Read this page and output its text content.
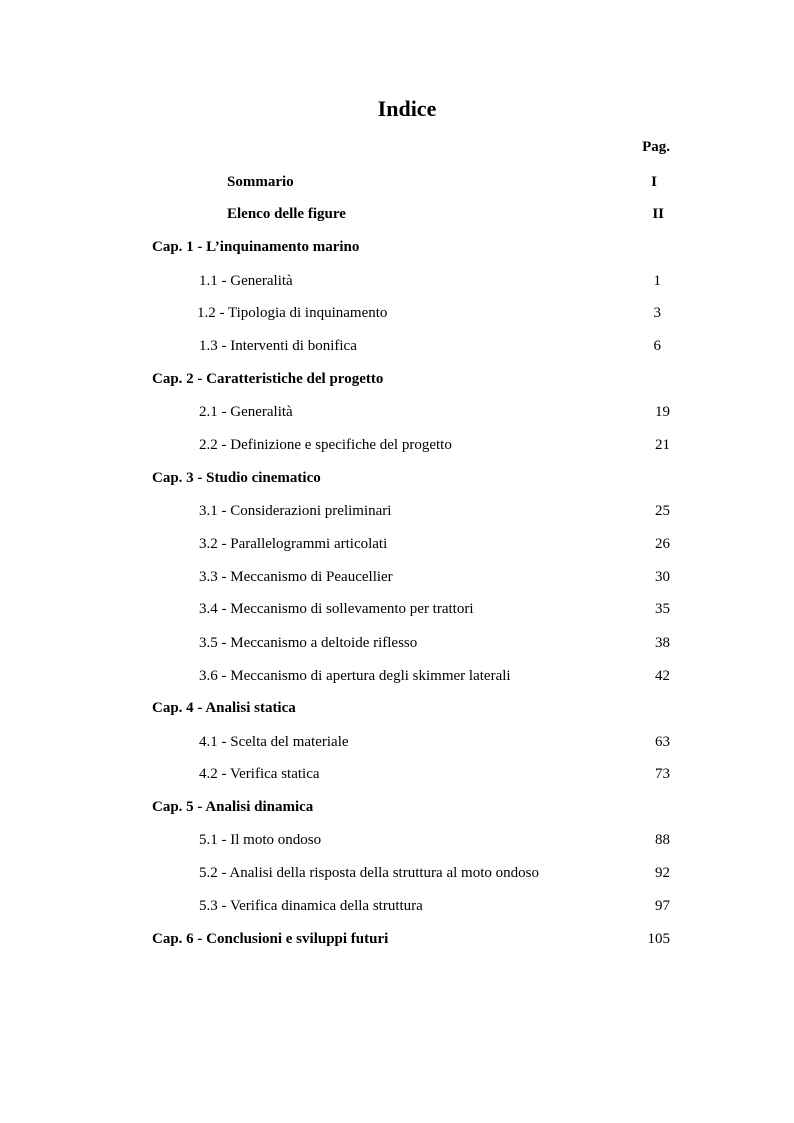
Indice
Pag.
Sommario	I
Elenco delle figure	II
Cap. 1 - L’inquinamento marino
1.1 - Generalità	1
1.2 - Tipologia di inquinamento	3
1.3 - Interventi di bonifica	6
Cap. 2 - Caratteristiche del progetto
2.1 - Generalità	19
2.2 - Definizione e specifiche del progetto	21
Cap. 3 - Studio cinematico
3.1 - Considerazioni preliminari	25
3.2 - Parallelogrammi articolati	26
3.3 - Meccanismo di Peaucellier	30
3.4 - Meccanismo di sollevamento per trattori	35
3.5 - Meccanismo a deltoide riflesso	38
3.6 - Meccanismo di apertura degli skimmer laterali	42
Cap. 4 - Analisi statica
4.1 - Scelta del materiale	63
4.2 - Verifica statica	73
Cap. 5 - Analisi dinamica
5.1 - Il moto ondoso	88
5.2 - Analisi della risposta della struttura al moto ondoso	92
5.3 - Verifica dinamica della struttura	97
Cap. 6 - Conclusioni e sviluppi futuri	105
